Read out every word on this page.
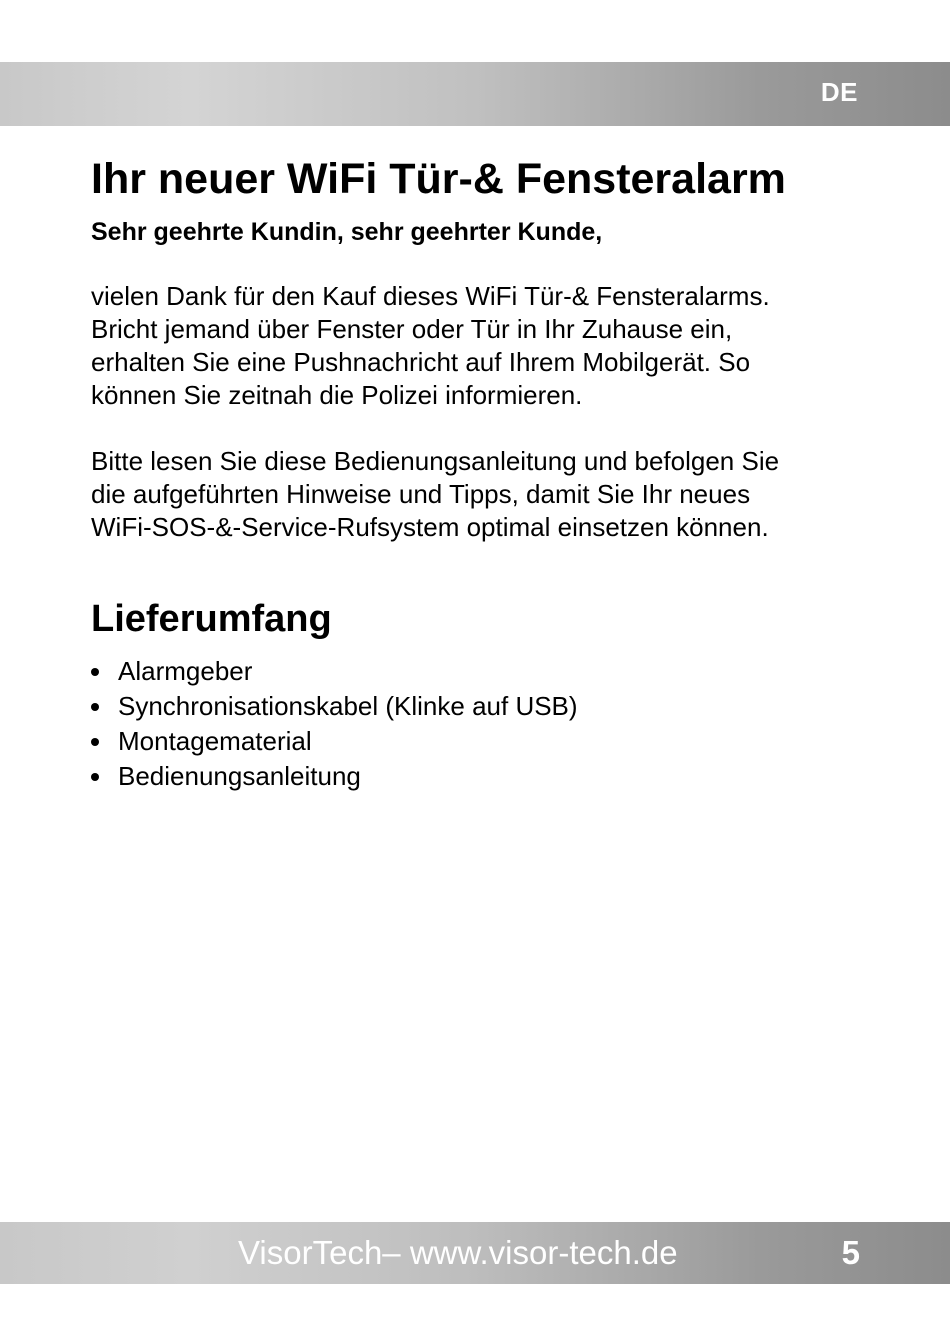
DE
Ihr neuer WiFi Tür-& Fensteralarm

Sehr geehrte Kundin, sehr geehrter Kunde,

vielen Dank für den Kauf dieses WiFi Tür-& Fensteralarms.
Bricht jemand über Fenster oder Tür in Ihr Zuhause ein,
erhalten Sie eine Pushnachricht auf Ihrem Mobilgerät. So
können Sie zeitnah die Polizei informieren.

Bitte lesen Sie diese Bedienungsanleitung und befolgen Sie
die aufgeführten Hinweise und Tipps, damit Sie Ihr neues
WiFi-SOS-&-Service-Rufsystem optimal einsetzen können.

Lieferumfang
Alarmgeber
Synchronisationskabel (Klinke auf USB)
Montagematerial
Bedienungsanleitung
VisorTech– www.visor-tech.de	5
